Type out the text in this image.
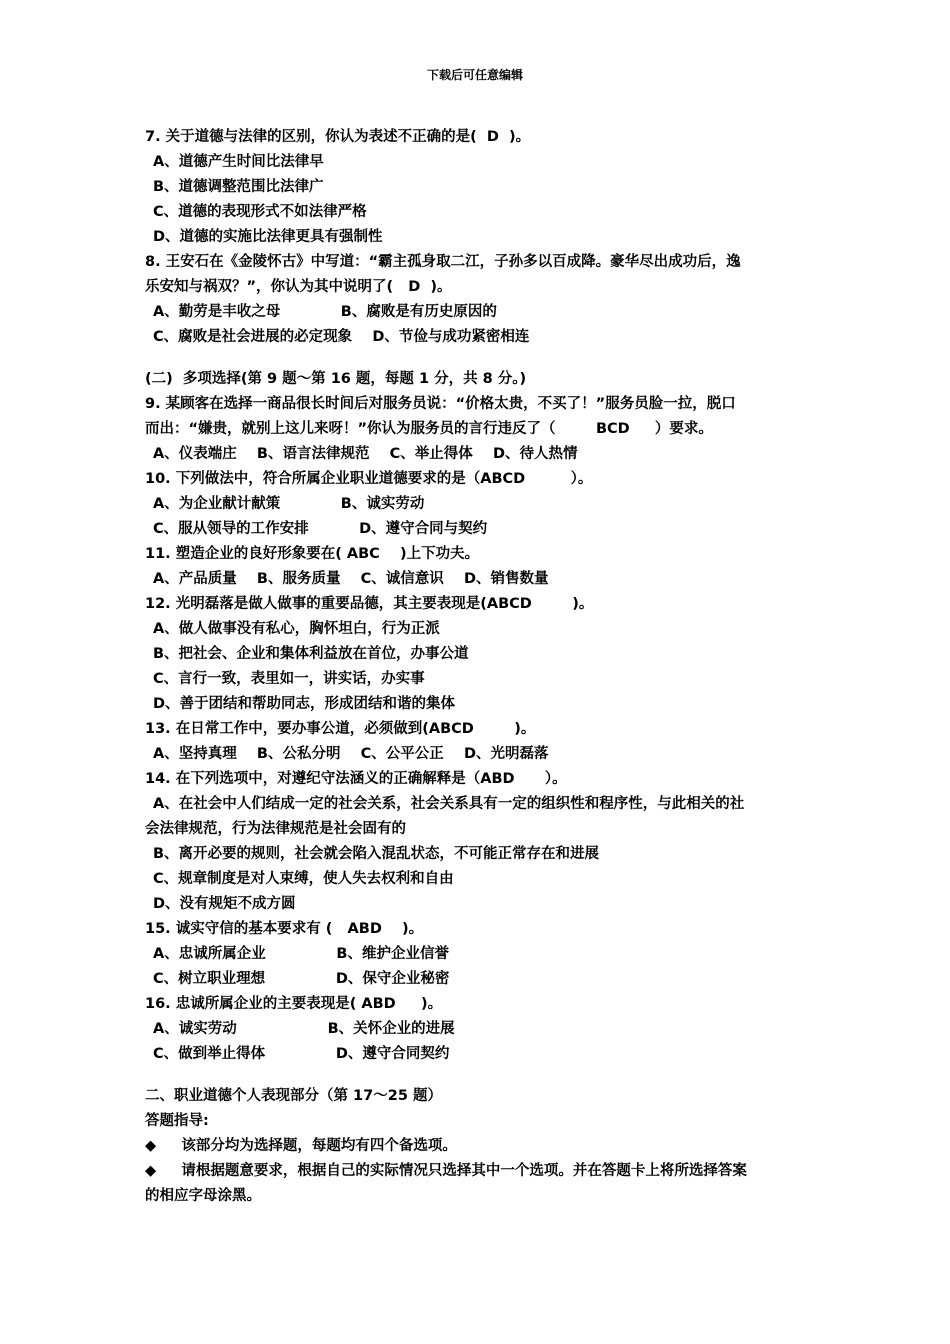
下载后可任意编辑
7. 关于道德与法律的区别，你认为表述不正确的是(  D  )。
A、道德产生时间比法律早
B、道德调整范围比法律广
C、道德的表现形式不如法律严格
D、道德的实施比法律更具有强制性
8. 王安石在《金陵怀古》中写道：“霸主孤身取二江，子孙多以百成降。豪华尽出成功后，逸
乐安知与祸双？”，你认为其中说明了(   D  )。
A、勤劳是丰收之母            B、腐败是有历史原因的
C、腐败是社会进展的必定现象    D、节俭与成功紧密相连
(二)  多项选择(第 9 题～第 16 题，每题 1 分，共 8 分。)
9. 某顾客在选择一商品很长时间后对服务员说：“价格太贵，不买了！”服务员脸一拉，脱口
而出：“嫌贵，就别上这儿来呀！”你认为服务员的言行违反了（        BCD     ）要求。
A、仪表端庄    B、语言法律规范    C、举止得体    D、待人热情
10. 下列做法中，符合所属企业职业道德要求的是（ABCD         ）。
A、为企业献计献策            B、诚实劳动
C、服从领导的工作安排          D、遵守合同与契约
11. 塑造企业的良好形象要在( ABC    )上下功夫。
A、产品质量    B、服务质量    C、诚信意识    D、销售数量
12. 光明磊落是做人做事的重要品德，其主要表现是(ABCD        )。
A、做人做事没有私心，胸怀坦白，行为正派
B、把社会、企业和集体利益放在首位，办事公道
C、言行一致，表里如一，讲实话，办实事
D、善于团结和帮助同志，形成团结和谐的集体
13. 在日常工作中，要办事公道，必须做到(ABCD        )。
A、坚持真理    B、公私分明    C、公平公正    D、光明磊落
14. 在下列选项中，对遵纪守法涵义的正确解释是（ABD      ）。
A、在社会中人们结成一定的社会关系，社会关系具有一定的组织性和程序性，与此相关的社
会法律规范，行为法律规范是社会固有的
B、离开必要的规则，社会就会陷入混乱状态，不可能正常存在和进展
C、规章制度是对人束缚，使人失去权利和自由
D、没有规矩不成方圆
15. 诚实守信的基本要求有 (   ABD    )。
A、忠诚所属企业              B、维护企业信誉
C、树立职业理想              D、保守企业秘密
16. 忠诚所属企业的主要表现是( ABD     )。
A、诚实劳动                  B、关怀企业的进展
C、做到举止得体              D、遵守合同契约
二、职业道德个人表现部分（第 17～25 题）
答题指导:
◆     该部分均为选择题，每题均有四个备选项。
◆     请根据题意要求，根据自己的实际情况只选择其中一个选项。并在答题卡上将所选择答案
的相应字母涂黑。
